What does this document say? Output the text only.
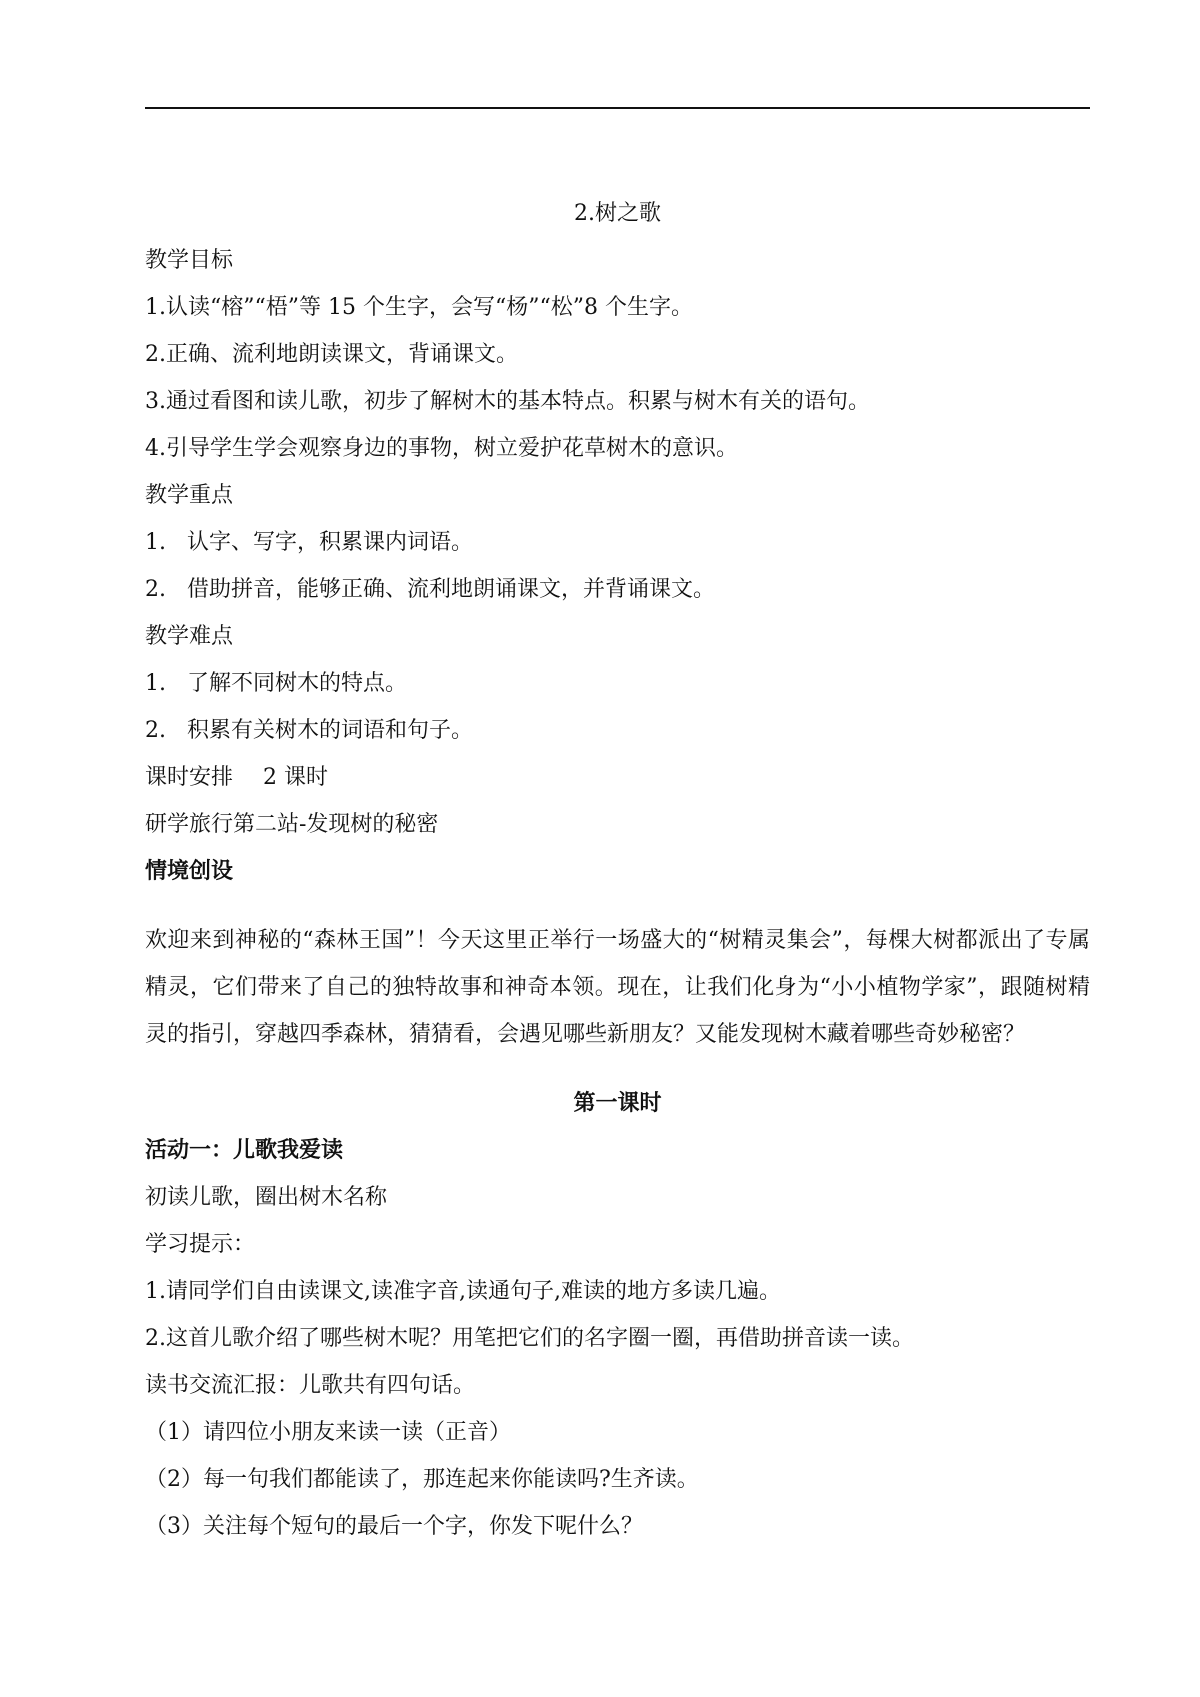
2.树之歌

教学目标

1.认读“榕”“梧”等 15 个生字，会写“杨”“松”8 个生字。

2.正确、流利地朗读课文，背诵课文。

3.通过看图和读儿歌，初步了解树木的基本特点。积累与树木有关的语句。

4.引导学生学会观察身边的事物，树立爱护花草树木的意识。

教学重点

1. 认字、写字，积累课内词语。

2. 借助拼音，能够正确、流利地朗诵课文，并背诵课文。

教学难点

1. 了解不同树木的特点。

2. 积累有关树木的词语和句子。

课时安排 2 课时

研学旅行第二站-发现树的秘密

情境创设

欢迎来到神秘的“森林王国”！今天这里正举行一场盛大的“树精灵集会”，每棵大树都派出了专属精灵，它们带来了自己的独特故事和神奇本领。现在，让我们化身为“小小植物学家”，跟随树精灵的指引，穿越四季森林，猜猜看，会遇见哪些新朋友？又能发现树木藏着哪些奇妙秘密？

第一课时

活动一：儿歌我爱读

初读儿歌，圈出树木名称

学习提示：

1.请同学们自由读课文,读准字音,读通句子,难读的地方多读几遍。

2.这首儿歌介绍了哪些树木呢？用笔把它们的名字圈一圈，再借助拼音读一读。

读书交流汇报：儿歌共有四句话。

（1）请四位小朋友来读一读（正音）

（2）每一句我们都能读了，那连起来你能读吗?生齐读。

（3）关注每个短句的最后一个字，你发下呢什么？
